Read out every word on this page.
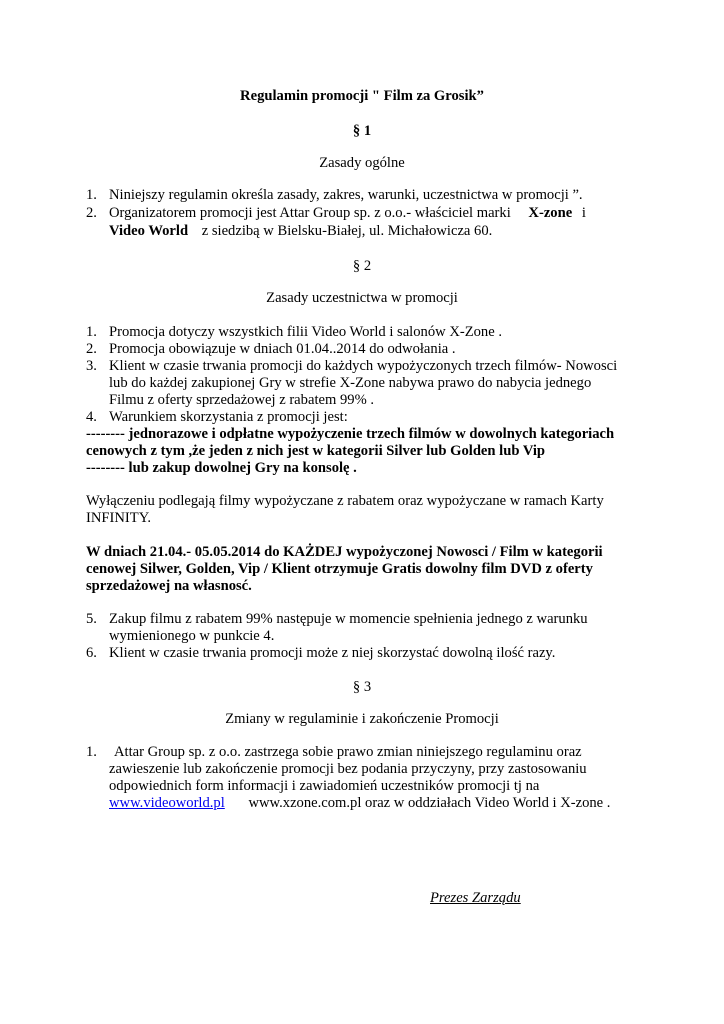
Regulamin promocji " Film za Grosik”
§ 1
Zasady ogólne
1. Niniejszy regulamin określa zasady, zakres, warunki, uczestnictwa w promocji ”.
2. Organizatorem promocji jest Attar Group sp. z o.o.- właściciel marki X-zone i
Video World z siedzibą w Bielsku-Białej, ul. Michałowicza 60.
§ 2
Zasady uczestnictwa w promocji
1. Promocja dotyczy wszystkich filii Video World i salonów X-Zone .
2. Promocja obowiązuje w dniach 01.04..2014 do odwołania .
3. Klient w czasie trwania promocji do każdych wypożyczonych trzech filmów- Nowosci
lub do każdej zakupionej Gry w strefie X-Zone nabywa prawo do nabycia jednego
Filmu z oferty sprzedażowej z rabatem 99% .
4. Warunkiem skorzystania z promocji jest:
-------- jednorazowe i odpłatne wypożyczenie trzech filmów w dowolnych kategoriach
cenowych z tym ,że jeden z nich jest w kategorii Silver lub Golden lub Vip
-------- lub zakup dowolnej Gry na konsolę .
Wyłączeniu podlegają filmy wypożyczane z rabatem oraz wypożyczane w ramach Karty
INFINITY.
W dniach 21.04.- 05.05.2014 do KAŻDEJ wypożyczonej Nowosci / Film w kategorii
cenowej Silwer, Golden, Vip / Klient otrzymuje Gratis dowolny film DVD z oferty
sprzedażowej na własnosć.
5. Zakup filmu z rabatem 99% następuje w momencie spełnienia jednego z warunku
wymienionego w punkcie 4.
6. Klient w czasie trwania promocji może z niej skorzystać dowolną ilość razy.
§ 3
Zmiany w regulaminie i zakończenie Promocji
1. Attar Group sp. z o.o. zastrzega sobie prawo zmian niniejszego regulaminu oraz
zawieszenie lub zakończenie promocji bez podania przyczyny, przy zastosowaniu
odpowiednich form informacji i zawiadomień uczestników promocji tj na
www.videoworld.pl www.xzone.com.pl oraz w oddziałach Video World i X-zone .
Prezes Zarządu
